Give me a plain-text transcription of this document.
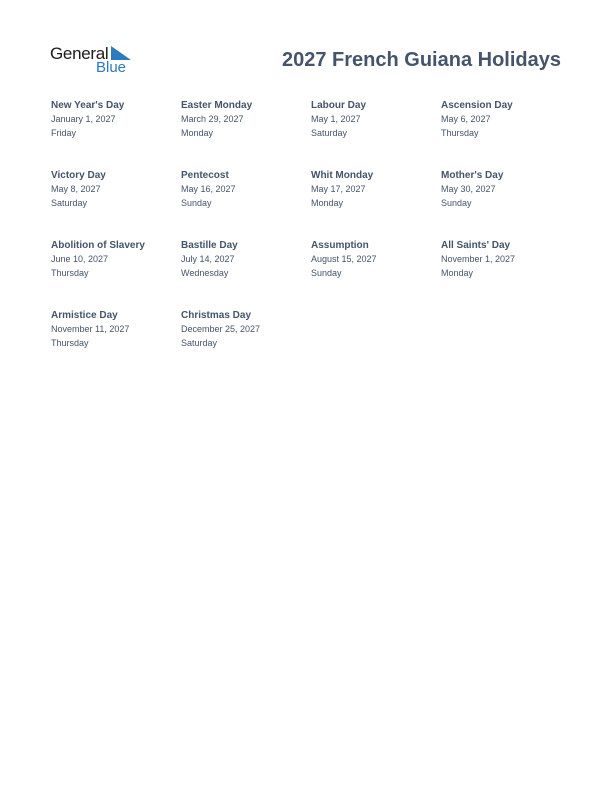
General
Blue	2027 French Guiana Holidays
New Year's Day
January 1, 2027
Friday
Easter Monday
March 29, 2027
Monday
Labour Day
May 1, 2027
Saturday
Ascension Day
May 6, 2027
Thursday
Victory Day
May 8, 2027
Saturday
Pentecost
May 16, 2027
Sunday
Whit Monday
May 17, 2027
Monday
Mother's Day
May 30, 2027
Sunday
Abolition of Slavery
June 10, 2027
Thursday
Bastille Day
July 14, 2027
Wednesday
Assumption
August 15, 2027
Sunday
All Saints' Day
November 1, 2027
Monday
Armistice Day
November 11, 2027
Thursday
Christmas Day
December 25, 2027
Saturday
